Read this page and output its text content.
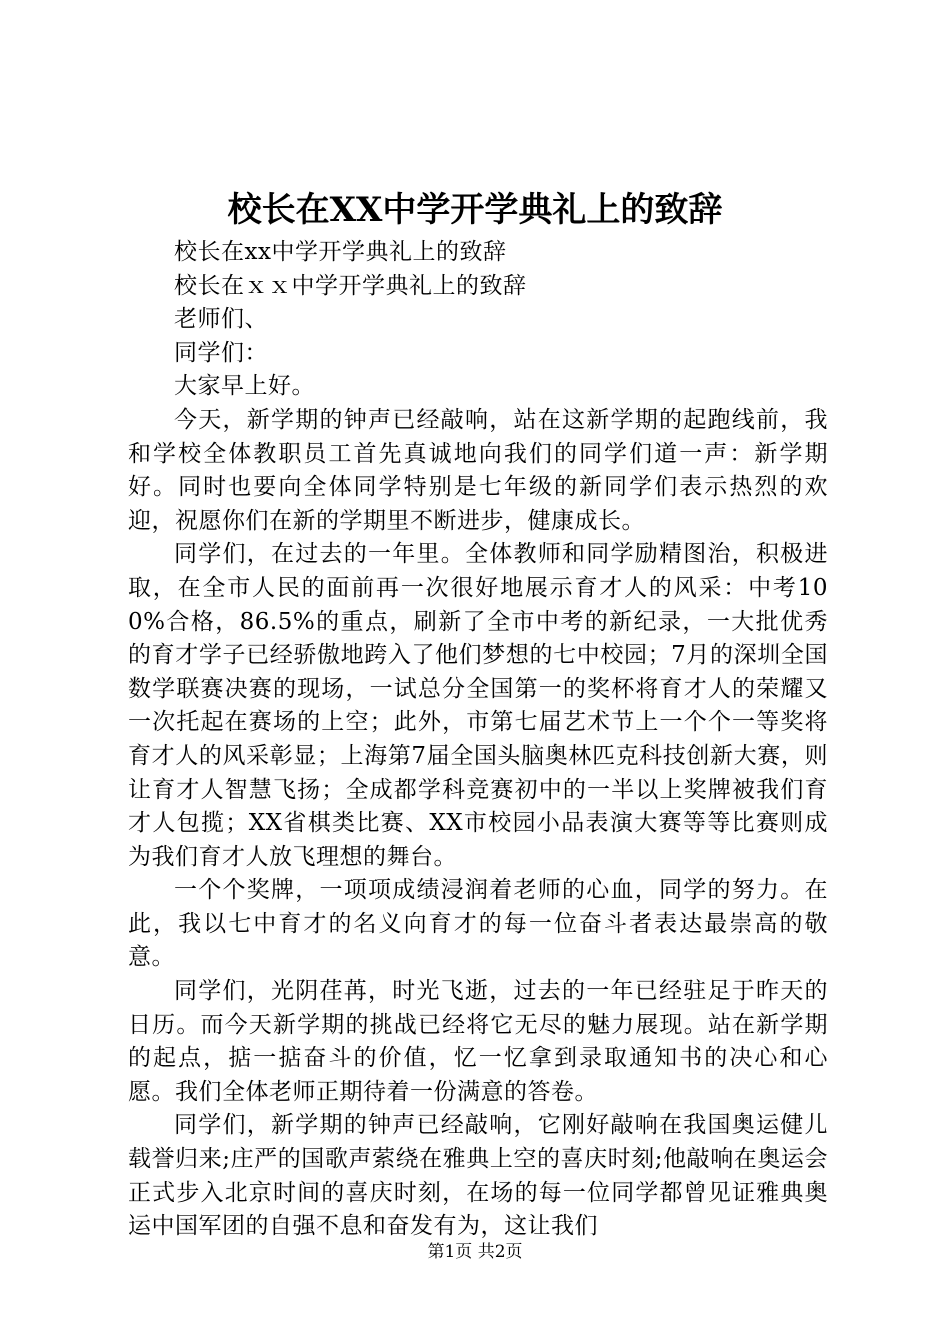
校长在XX中学开学典礼上的致辞

校长在xx中学开学典礼上的致辞

校长在ｘｘ中学开学典礼上的致辞

老师们、

同学们：

大家早上好。

今天，新学期的钟声已经敲响，站在这新学期的起跑线前，我和学校全体教职员工首先真诚地向我们的同学们道一声：新学期好。同时也要向全体同学特别是七年级的新同学们表示热烈的欢迎，祝愿你们在新的学期里不断进步，健康成长。

同学们，在过去的一年里。全体教师和同学励精图治，积极进取，在全市人民的面前再一次很好地展示育才人的风采：中考100%合格，86.5%的重点，刷新了全市中考的新纪录，一大批优秀的育才学子已经骄傲地跨入了他们梦想的七中校园；7月的深圳全国数学联赛决赛的现场，一试总分全国第一的奖杯将育才人的荣耀又一次托起在赛场的上空；此外，市第七届艺术节上一个个一等奖将育才人的风采彰显；上海第7届全国头脑奥林匹克科技创新大赛，则让育才人智慧飞扬；全成都学科竞赛初中的一半以上奖牌被我们育才人包揽；XX省棋类比赛、XX市校园小品表演大赛等等比赛则成为我们育才人放飞理想的舞台。

一个个奖牌，一项项成绩浸润着老师的心血，同学的努力。在此，我以七中育才的名义向育才的每一位奋斗者表达最崇高的敬意。

同学们，光阴荏苒，时光飞逝，过去的一年已经驻足于昨天的日历。而今天新学期的挑战已经将它无尽的魅力展现。站在新学期的起点，掂一掂奋斗的价值，忆一忆拿到录取通知书的决心和心愿。我们全体老师正期待着一份满意的答卷。

同学们，新学期的钟声已经敲响，它刚好敲响在我国奥运健儿载誉归来;庄严的国歌声萦绕在雅典上空的喜庆时刻;他敲响在奥运会正式步入北京时间的喜庆时刻，在场的每一位同学都曾见证雅典奥运中国军团的自强不息和奋发有为，这让我们

第1页 共2页
